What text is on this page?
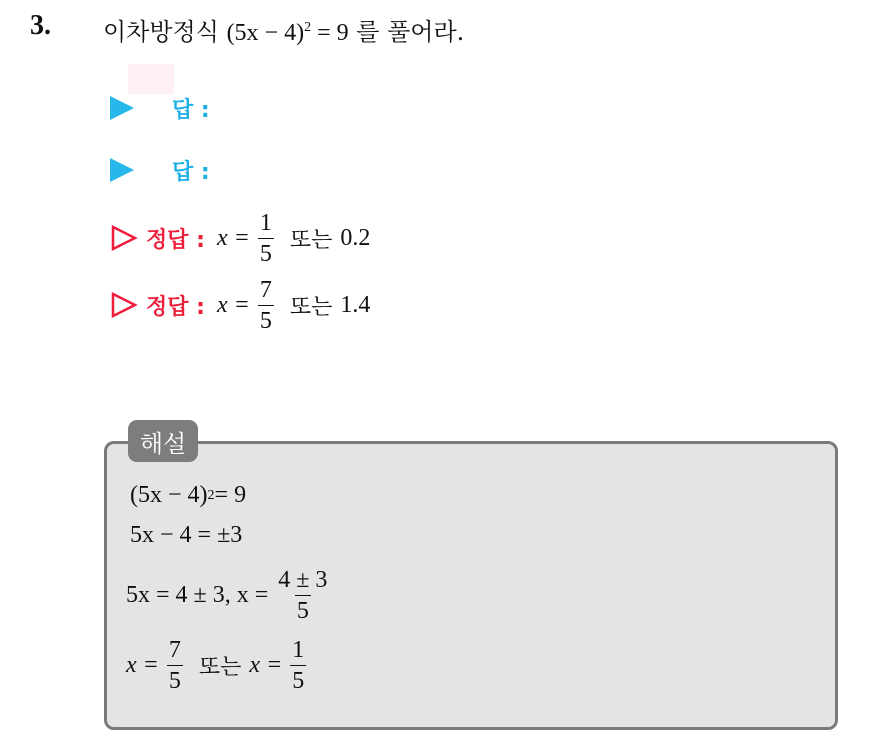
3. 이차방정식 $(5x - 4)^2 = 9$ 를 풀어라.
답 :
답 :
정답 : $x = \frac{1}{5}$ 또는 0.2
정답 : $x = \frac{7}{5}$ 또는 1.4
해설
(5x − 4) 2 = 9
5x − 4 = ±3
5x = 4 ± 3, $x = \frac{4 \pm 3}{5}$
$x = \frac{7}{5}$ 또는 $x = \frac{1}{5}$
